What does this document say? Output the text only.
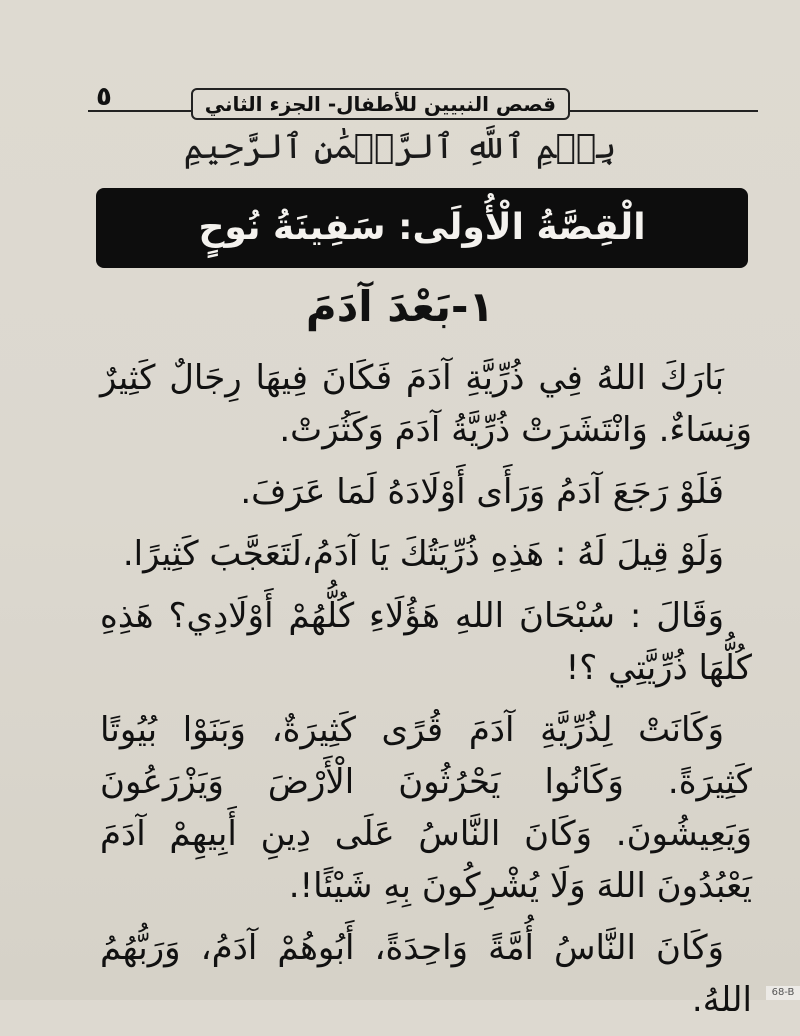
قصص النبيين للأطفال- الجزء الثاني
٥
بِسۡمِ ٱللَّهِ ٱلرَّحۡمَٰنِ ٱلرَّحِيمِ
الْقِصَّةُ الْأُولَى: سَفِينَةُ نُوحٍ
١-بَعْدَ آدَمَ

بَارَكَ اللهُ فِي ذُرِّيَّةِ آدَمَ فَكَانَ فِيهَا رِجَالٌ كَثِيرٌ وَنِسَاءٌ. وَانْتَشَرَتْ ذُرِّيَّةُ آدَمَ وَكَثُرَتْ.

فَلَوْ رَجَعَ آدَمُ وَرَأَى أَوْلَادَهُ لَمَا عَرَفَ.

وَلَوْ قِيلَ لَهُ : هَذِهِ ذُرِّيَتُكَ يَا آدَمُ،لَتَعَجَّبَ كَثِيرًا.

وَقَالَ : سُبْحَانَ اللهِ هَؤُلَاءِ كُلُّهُمْ أَوْلَادِي؟ هَذِهِ كُلُّهَا ذُرِّيَّتِي ؟!

وَكَانَتْ لِذُرِّيَّةِ آدَمَ قُرًى كَثِيرَةٌ، وَبَنَوْا بُيُوتًا كَثِيرَةً. وَكَانُوا يَحْرُثُونَ الْأَرْضَ وَيَزْرَعُونَ وَيَعِيشُونَ. وَكَانَ النَّاسُ عَلَى دِينِ أَبِيهِمْ آدَمَ يَعْبُدُونَ اللهَ وَلَا يُشْرِكُونَ بِهِ شَيْئًا!.

وَكَانَ النَّاسُ أُمَّةً وَاحِدَةً، أَبُوهُمْ آدَمُ، وَرَبُّهُمُ اللهُ.	68-B
